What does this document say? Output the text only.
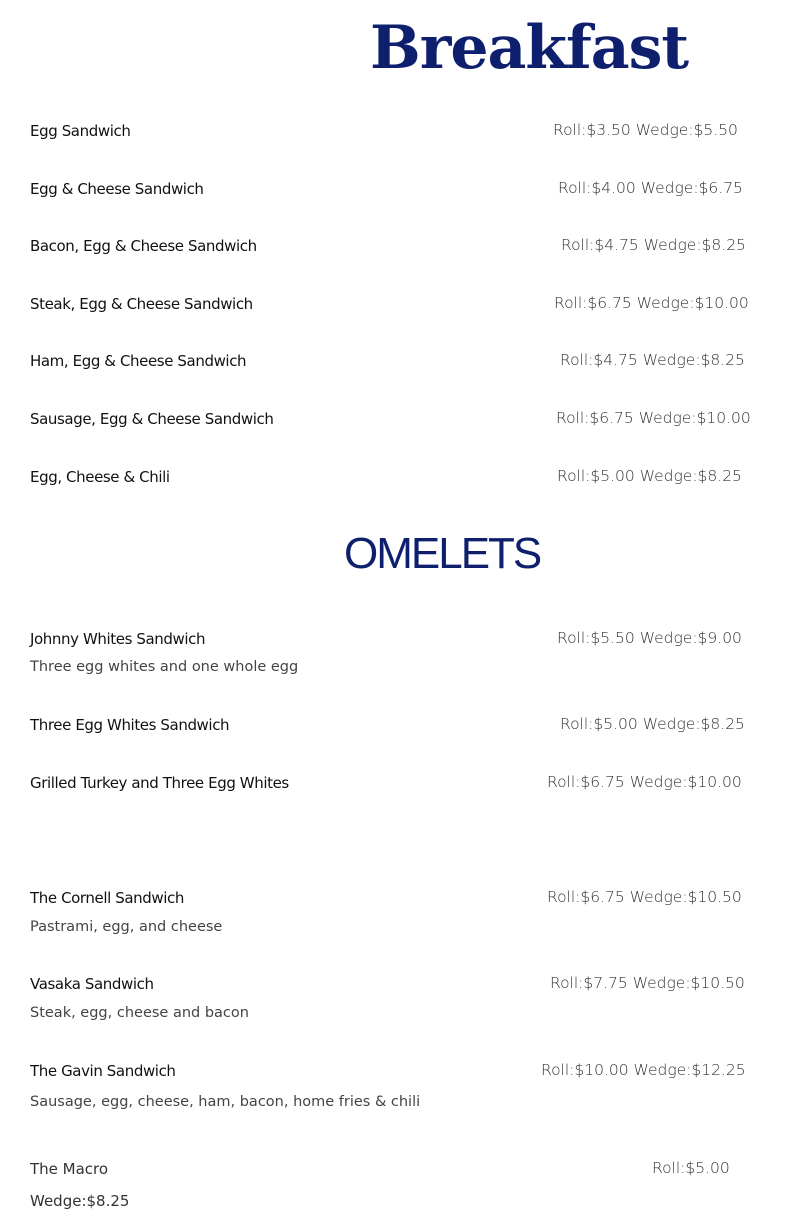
Breakfast
Egg Sandwich	Roll:$3.50 Wedge:$5.50
Egg & Cheese Sandwich	Roll:$4.00 Wedge:$6.75
Bacon, Egg & Cheese Sandwich	Roll:$4.75 Wedge:$8.25
Steak, Egg & Cheese Sandwich	Roll:$6.75 Wedge:$10.00
Ham, Egg & Cheese Sandwich	Roll:$4.75 Wedge:$8.25
Sausage, Egg & Cheese Sandwich	Roll:$6.75 Wedge:$10.00
Egg, Cheese & Chili	Roll:$5.00 Wedge:$8.25
OMELETS
Johnny Whites Sandwich	Roll:$5.50 Wedge:$9.00
Three egg whites and one whole egg
Three Egg Whites Sandwich	Roll:$5.00 Wedge:$8.25
Grilled Turkey and Three Egg Whites	Roll:$6.75 Wedge:$10.00
The Cornell Sandwich	Roll:$6.75 Wedge:$10.50
Pastrami, egg, and cheese
Vasaka Sandwich	Roll:$7.75 Wedge:$10.50
Steak, egg, cheese and bacon
The Gavin Sandwich	Roll:$10.00 Wedge:$12.25
Sausage, egg, cheese, ham, bacon, home fries & chili
The Macro	Roll:$5.00
Wedge:$8.25
